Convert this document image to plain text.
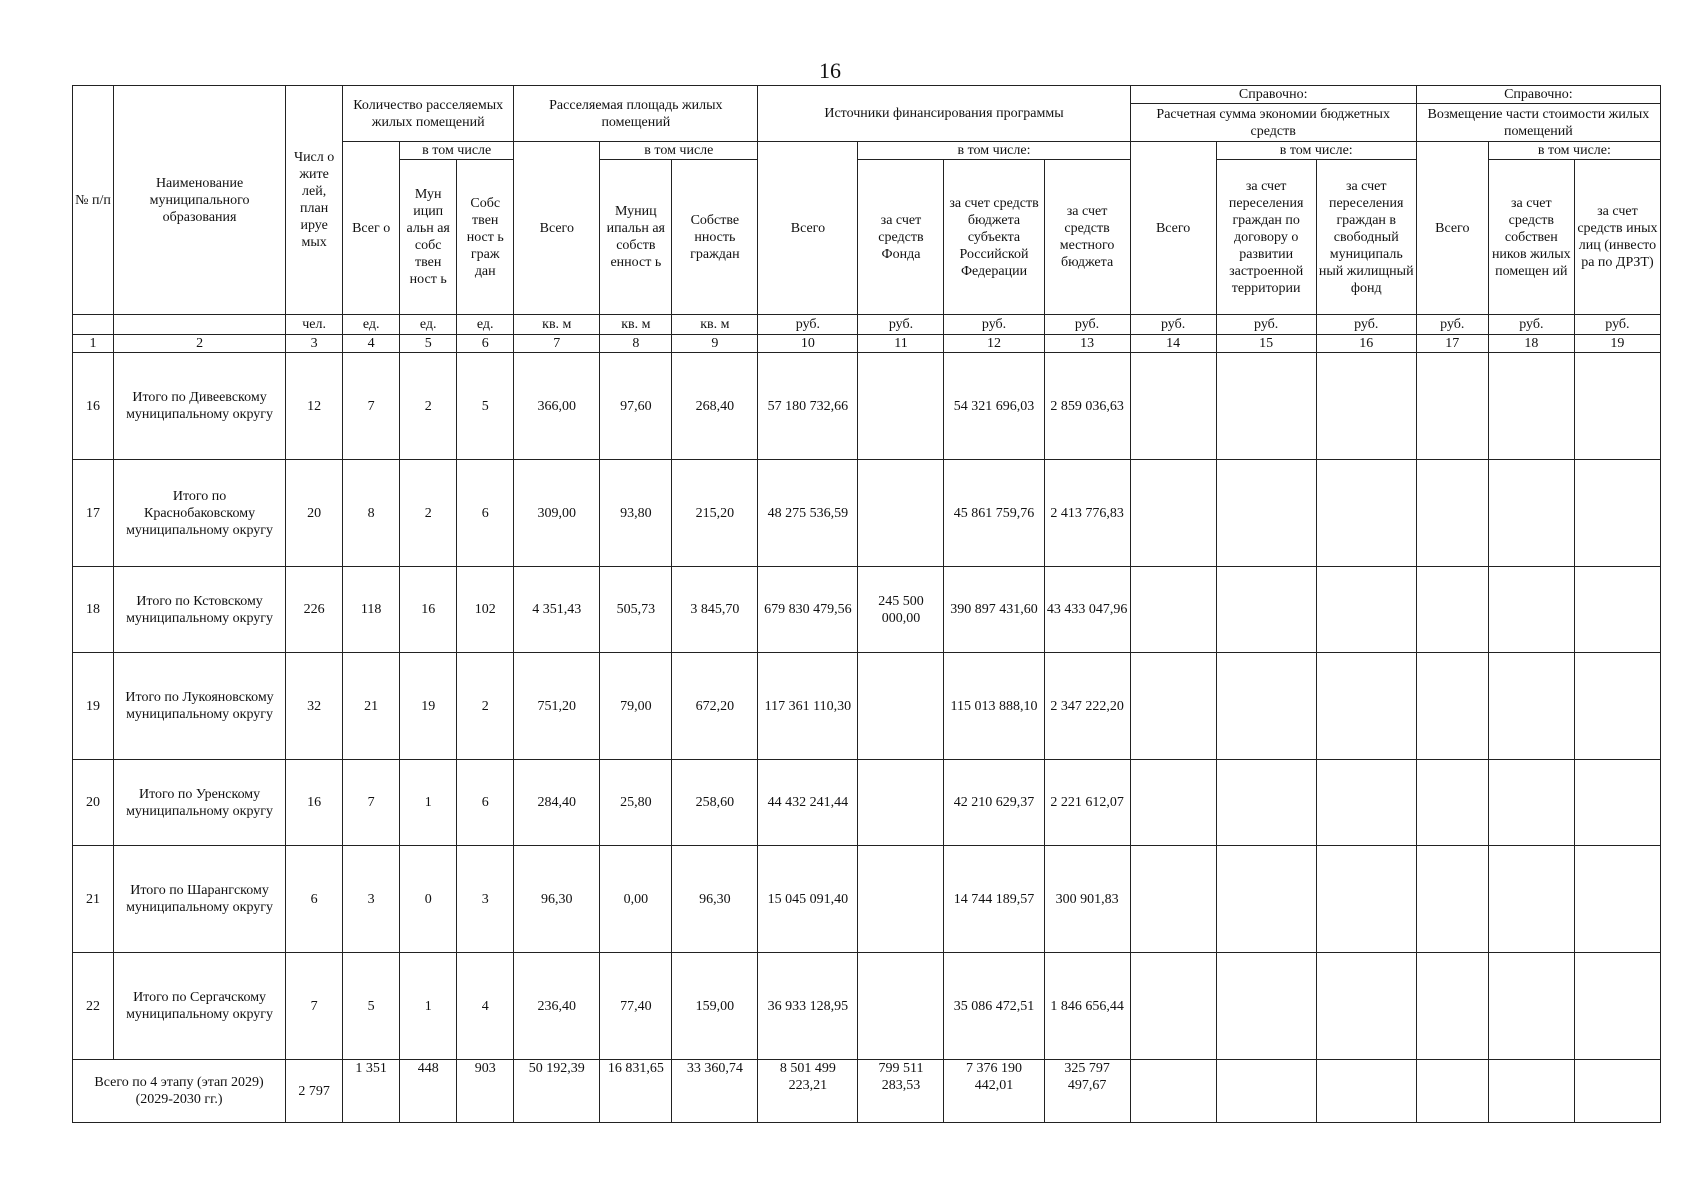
16
№ п/п	Наименование муниципального образования	Числ о жите лей, план ируе мых	Количество расселяемых жилых помещений			Расселяемая площадь жилых помещений			Источники финансирования программы				Справочно:			Справочно:		
													Расчетная сумма экономии бюджетных средств			Возмещение части стоимости жилых помещений		
			Всег о	в том числе		Всего	в том числе		Всего	в том числе:			Всего	в том числе:		Всего	в том числе:	
				Мун ицип альн ая собс твен ност ь	Собс твен ност ь граж дан		Муниц ипальн ая собств енност ь	Собстве нность граждан		за счет средств Фонда	за счет средств бюджета субъекта Российской Федерации	за счет средств местного бюджета		за счет переселения граждан по договору о развитии застроенной территории	за счет переселения граждан в свободный муниципаль ный жилищный фонд		за счет средств собствен ников жилых помещен ий	за счет средств иных лиц (инвесто ра по ДРЗТ)
		чел.	ед.	ед.	ед.	кв. м	кв. м	кв. м	руб.	руб.	руб.	руб.	руб.	руб.	руб.	руб.	руб.	руб.
1	2	3	4	5	6	7	8	9	10	11	12	13	14	15	16	17	18	19
16	Итого по Дивеевскому муниципальному округу	12	7	2	5	366,00	97,60	268,40	57 180 732,66		54 321 696,03	2 859 036,63						
17	Итого по Краснобаковскому муниципальному округу	20	8	2	6	309,00	93,80	215,20	48 275 536,59		45 861 759,76	2 413 776,83						
18	Итого по Кстовскому муниципальному округу	226	118	16	102	4 351,43	505,73	3 845,70	679 830 479,56	245 500 000,00	390 897 431,60	43 433 047,96						
19	Итого по Лукояновскому муниципальному округу	32	21	19	2	751,20	79,00	672,20	117 361 110,30		115 013 888,10	2 347 222,20						
20	Итого по Уренскому муниципальному округу	16	7	1	6	284,40	25,80	258,60	44 432 241,44		42 210 629,37	2 221 612,07						
21	Итого по Шарангскому муниципальному округу	6	3	0	3	96,30	0,00	96,30	15 045 091,40		14 744 189,57	300 901,83						
22	Итого по Сергачскому муниципальному округу	7	5	1	4	236,40	77,40	159,00	36 933 128,95		35 086 472,51	1 846 656,44						
Всего по 4 этапу (этап 2029) (2029-2030 гг.)		2 797	1 351	448	903	50 192,39	16 831,65	33 360,74	8 501 499 223,21	799 511 283,53	7 376 190 442,01	325 797 497,67						
